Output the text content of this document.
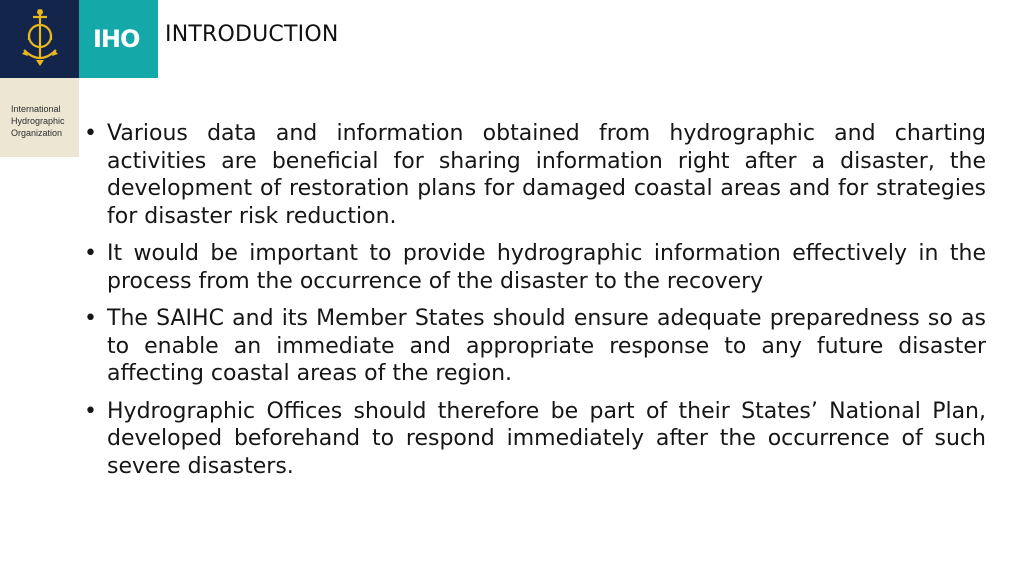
IHO
International
Hydrographic
Organization
INTRODUCTION
• Various data and information obtained from hydrographic and charting activities are beneficial for sharing information right after a disaster, the development of restoration plans for damaged coastal areas and for strategies for disaster risk reduction.
• It would be important to provide hydrographic information effectively in the process from the occurrence of the disaster to the recovery
• The SAIHC and its Member States should ensure adequate preparedness so as to enable an immediate and appropriate response to any future disaster affecting coastal areas of the region.
• Hydrographic Offices should therefore be part of their States’ National Plan, developed beforehand to respond immediately after the occurrence of such severe disasters.
